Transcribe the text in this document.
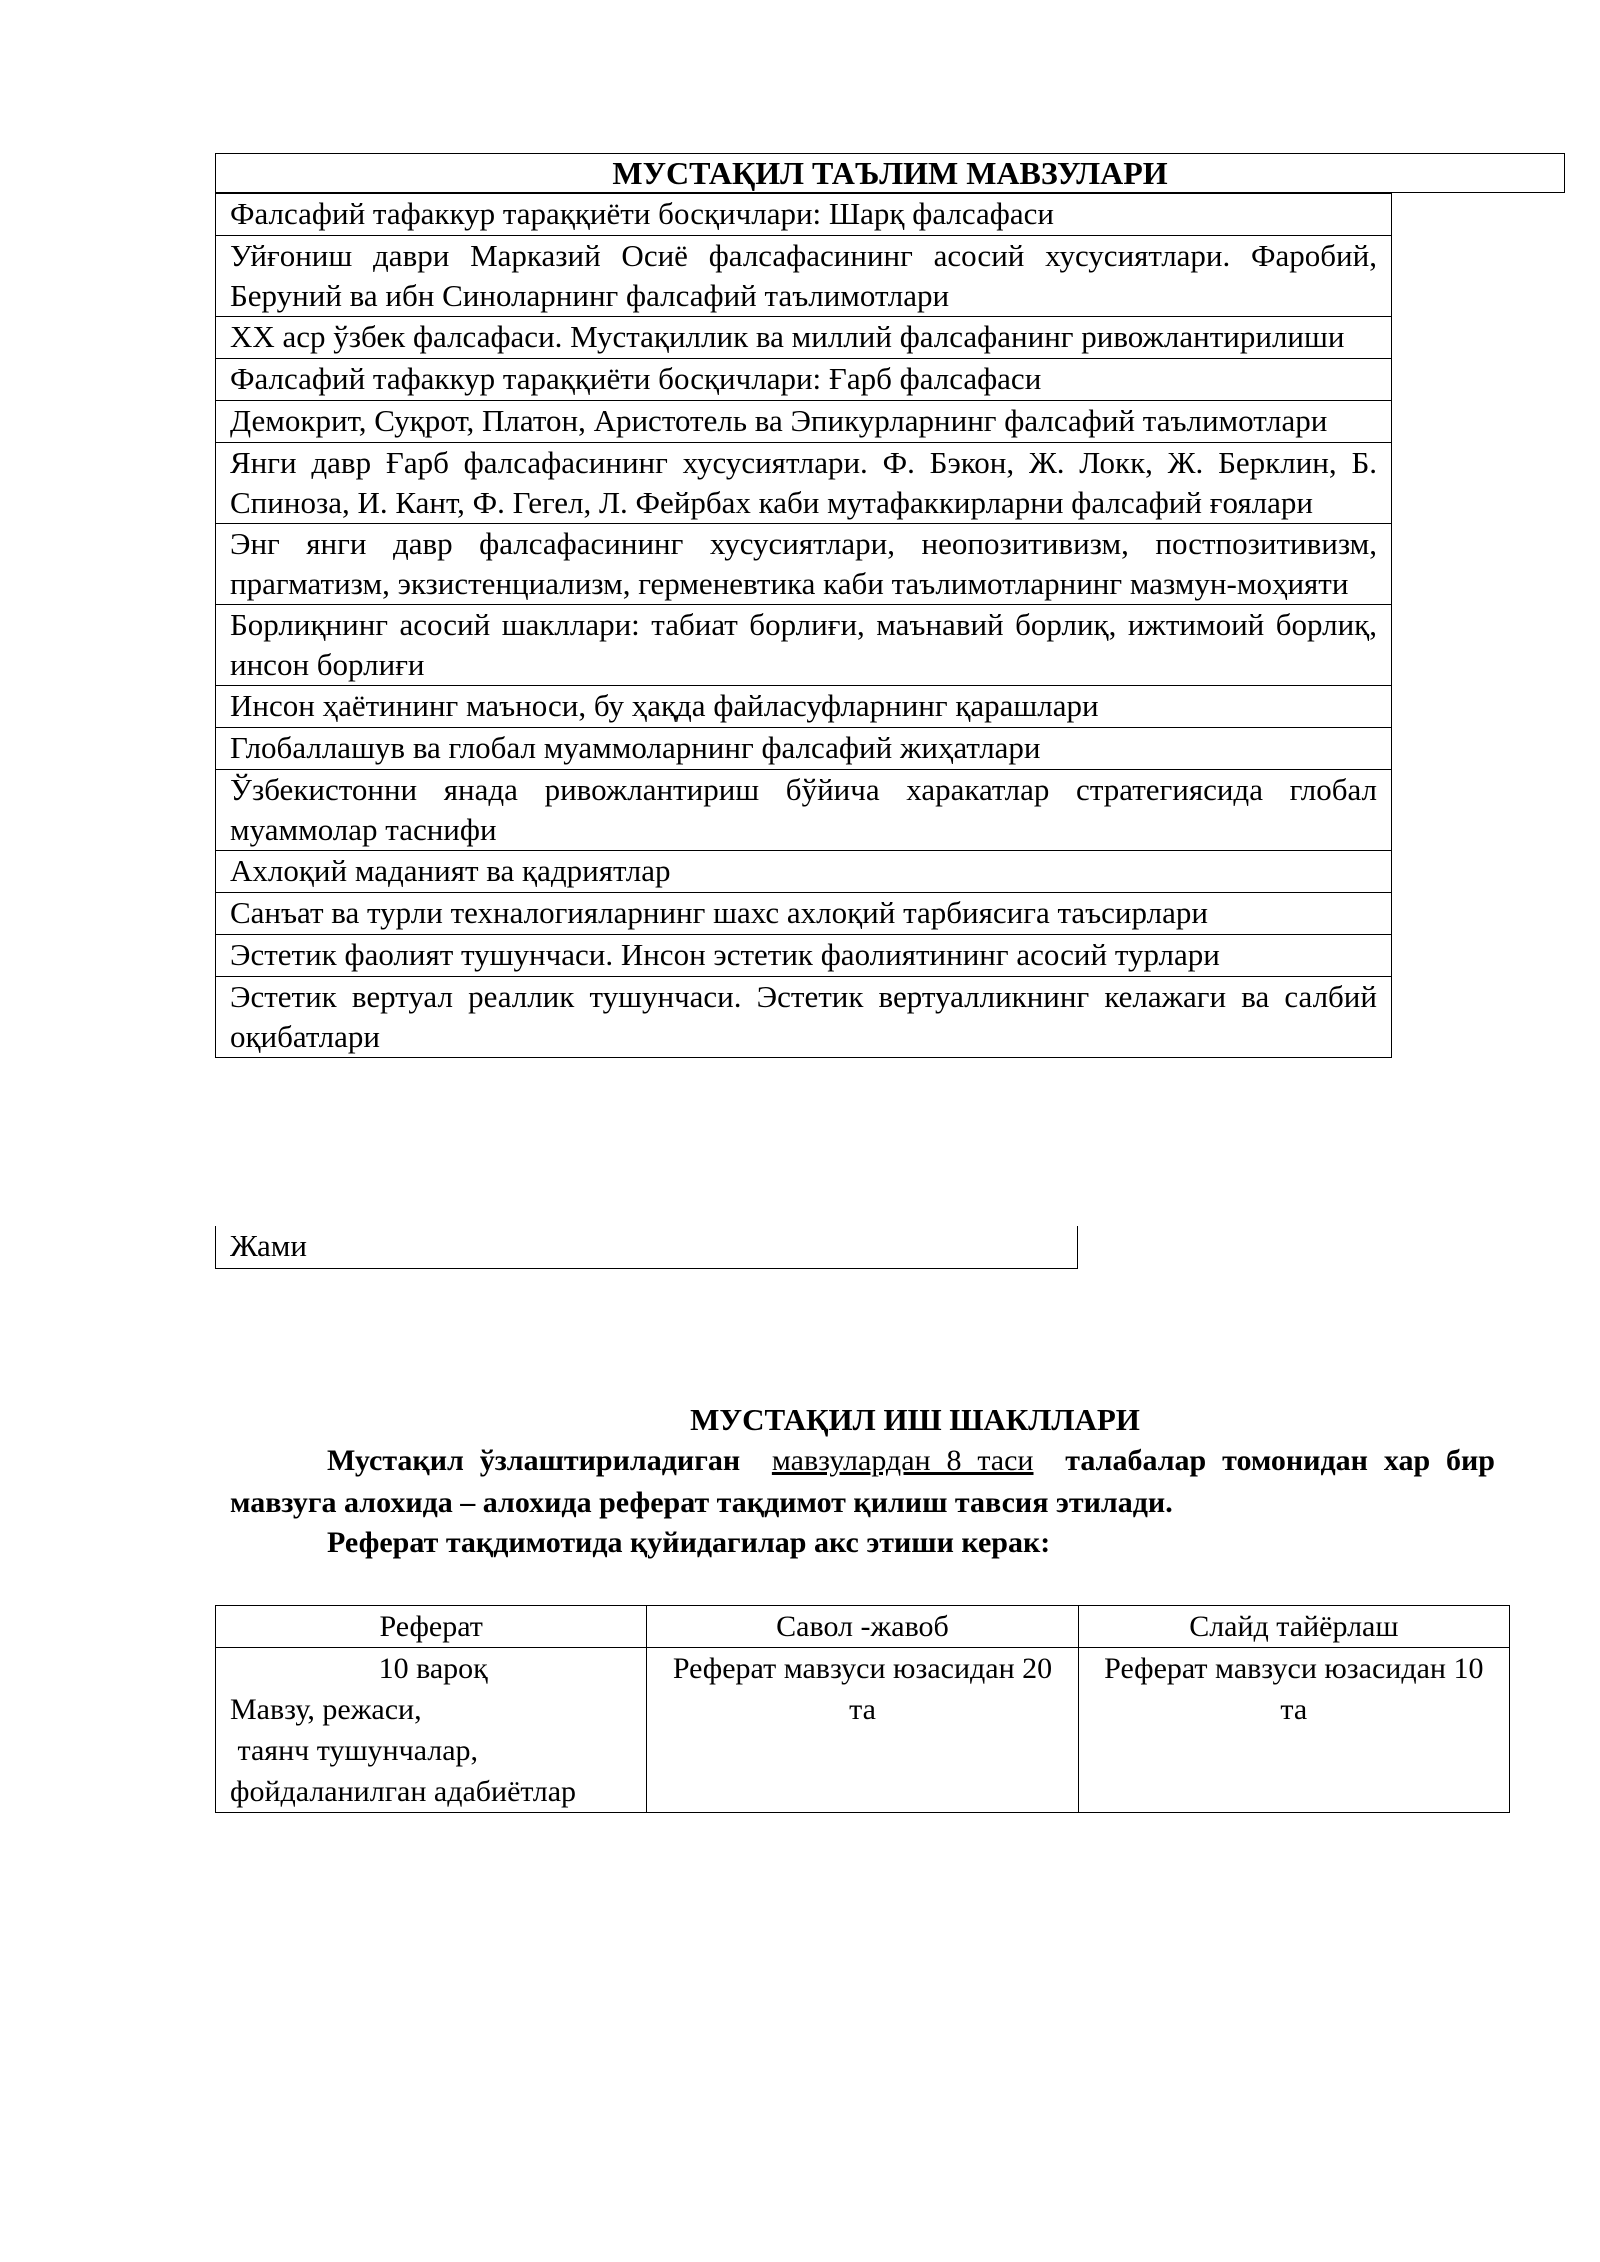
МУСТАҚИЛ ТАЪЛИМ МАВЗУЛАРИ
Фалсафий тафаккур тараққиёти босқичлари: Шарқ фалсафаси
Уйғониш даври Марказий Осиё фалсафасининг асосий хусусиятлари. Фаробий, Беруний ва ибн Синоларнинг фалсафий таълимотлари
XX аср ўзбек фалсафаси. Мустақиллик ва миллий фалсафанинг ривожлантирилиши
Фалсафий тафаккур тараққиёти босқичлари: Ғарб фалсафаси
Демокрит, Суқрот, Платон, Аристотель ва Эпикурларнинг фалсафий таълимотлари
Янги давр Ғарб фалсафасининг хусусиятлари. Ф. Бэкон, Ж. Локк, Ж. Берклин, Б. Спиноза, И. Кант, Ф. Гегел, Л. Фейрбах каби мутафаккирларни фалсафий ғоялари
Энг янги давр фалсафасининг хусусиятлари, неопозитивизм, постпозитивизм, прагматизм, экзистенциализм, герменевтика каби таълимотларнинг мазмун-моҳияти
Борлиқнинг асосий шакллари: табиат борлиғи, маънавий борлиқ, ижтимоий борлиқ, инсон борлиғи
Инсон ҳаётининг маъноси, бу ҳақда файласуфларнинг қарашлари
Глобаллашув ва глобал муаммоларнинг фалсафий жиҳатлари
Ўзбекистонни янада ривожлантириш бўйича харакатлар стратегиясида глобал муаммолар таснифи
Ахлоқий маданият ва қадриятлар
Санъат ва турли техналогияларнинг шахс ахлоқий тарбиясига таъсирлари
Эстетик фаолият тушунчаси. Инсон эстетик фаолиятининг асосий турлари
Эстетик вертуал реаллик тушунчаси. Эстетик вертуалликнинг келажаги ва салбий оқибатлари
Жами
МУСТАҚИЛ ИШ ШАКЛЛАРИ
Мустақил ўзлаштириладиган мавзулардан 8 таси талабалар томонидан хар бир мавзуга алохида – алохида реферат тақдимот қилиш тавсия этилади.
Реферат тақдимотида қуйидагилар акс этиши керак:
Реферат	Савол -жавоб	Слайд тайёрлаш

10 вароқ
Мавзу, режаси,
таянч тушунчалар,
фойдаланилган адабиётлар	Реферат мавзуси юзасидан 20 та	Реферат мавзуси юзасидан 10 та
